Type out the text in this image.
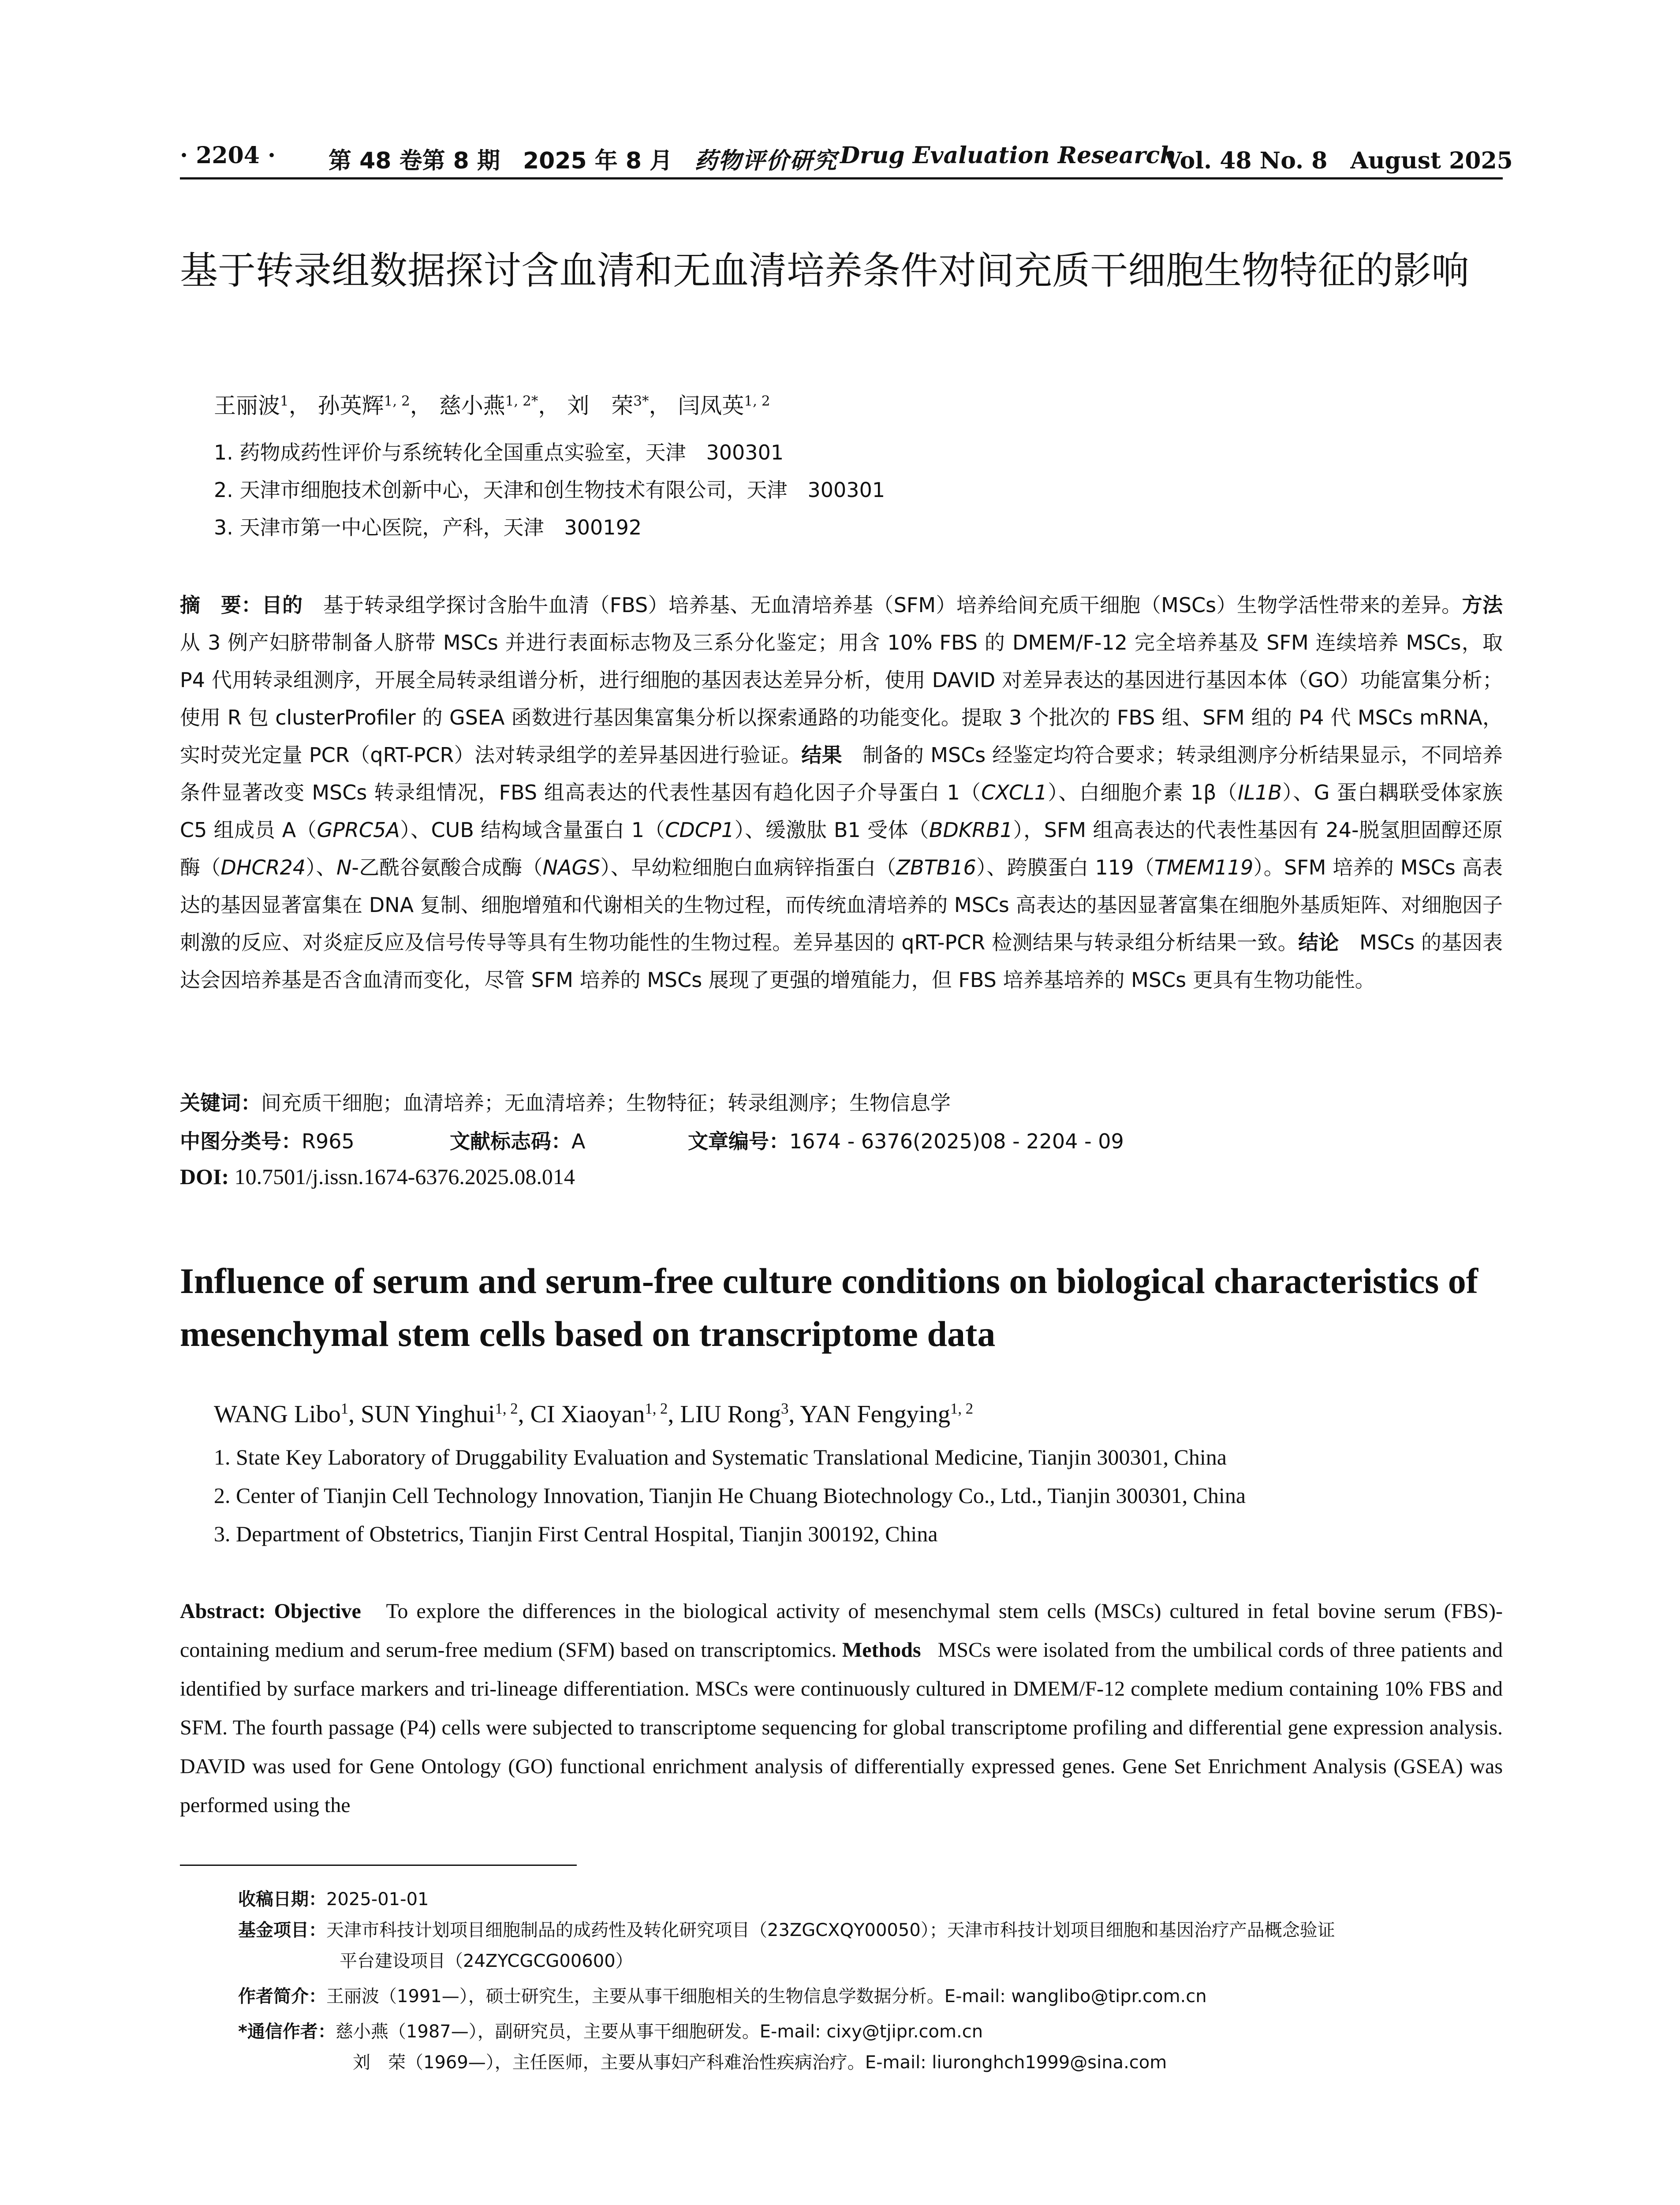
· 2204 · 第 48 卷第 8 期　2025 年 8 月 药物评价研究 Drug Evaluation Research
Vol. 48 No. 8　August 2025
基于转录组数据探讨含血清和无血清培养条件对间充质干细胞生物特征的影响
王丽波$^1$， 孙英辉$^{1, 2}$， 慈小燕$^{1, 2*}$， 刘　荣$^{3*}$， 闫凤英$^{1, 2}$
1. 药物成药性评价与系统转化全国重点实验室，天津　300301
2. 天津市细胞技术创新中心，天津和创生物技术有限公司，天津　300301
3. 天津市第一中心医院，产科，天津　300192
摘　要：目的　 基于转录组学探讨含胎牛血清（FBS）培养基、无血清培养基（SFM）培养给间充质干细胞（MSCs）生物学活性带来的差异。方法　从 3 例产妇脐带制备人脐带 MSCs 并进行表面标志物及三系分化鉴定；用含 10% FBS 的 DMEM/F-12 完全培养基及 SFM 连续培养 MSCs，取 P4 代用转录组测序，开展全局转录组谱分析，进行细胞的基因表达差异分析，使用 DAVID 对差异表达的基因进行基因本体（GO）功能富集分析；使用 R 包 clusterProfiler 的 GSEA 函数进行基因集富集分析以探索通路的功能变化。提取 3 个批次的 FBS 组、SFM 组的 P4 代 MSCs mRNA，实时荧光定量 PCR（qRT-PCR）法对转录组学的差异基因进行验证。结果　 制备的 MSCs 经鉴定均符合要求；转录组测序分析结果显示，不同培养条件显著改变 MSCs 转录组情况，FBS 组高表达的代表性基因有趋化因子介导蛋白 1（CXCL1）、白细胞介素 1β（IL1B）、G 蛋白耦联受体家族 C5 组成员 A（GPRC5A）、CUB 结构域含量蛋白 1（CDCP1）、缓激肽 B1 受体（BDKRB1），SFM 组高表达的代表性基因有 24-脱氢胆固醇还原酶（DHCR24）、N-乙酰谷氨酸合成酶（NAGS）、早幼粒细胞白血病锌指蛋白（ZBTB16）、跨膜蛋白 119（TMEM119）。SFM 培养的 MSCs 高表达的基因显著富集在 DNA 复制、细胞增殖和代谢相关的生物过程，而传统血清培养的 MSCs 高表达的基因显著富集在细胞外基质矩阵、对细胞因子刺激的反应、对炎症反应及信号传导等具有生物功能性的生物过程。差异基因的 qRT-PCR 检测结果与转录组分析结果一致。结论　 MSCs 的基因表达会因培养基是否含血清而变化，尽管 SFM 培养的 MSCs 展现了更强的增殖能力，但 FBS 培养基培养的 MSCs 更具有生物功能性。
关键词：间充质干细胞；血清培养；无血清培养；生物特征；转录组测序；生物信息学
中图分类号：R965	文献标志码：A	文章编号：1674 - 6376(2025)08 - 2204 - 09
DOI: 10.7501/j.issn.1674-6376.2025.08.014
Influence of serum and serum-free culture conditions on biological characteristics of mesenchymal stem cells based on transcriptome data
WANG Libo$^1$, SUN Yinghui$^{1, 2}$, CI Xiaoyan$^{1, 2}$, LIU Rong$^3$, YAN Fengying$^{1, 2}$
1. State Key Laboratory of Druggability Evaluation and Systematic Translational Medicine, Tianjin 300301, China
2. Center of Tianjin Cell Technology Innovation, Tianjin He Chuang Biotechnology Co., Ltd., Tianjin 300301, China
3. Department of Obstetrics, Tianjin First Central Hospital, Tianjin 300192, China
Abstract: Objective To explore the differences in the biological activity of mesenchymal stem cells (MSCs) cultured in fetal bovine serum (FBS)-containing medium and serum-free medium (SFM) based on transcriptomics. Methods MSCs were isolated from the umbilical cords of three patients and identified by surface markers and tri-lineage differentiation. MSCs were continuously cultured in DMEM/F-12 complete medium containing 10% FBS and SFM. The fourth passage (P4) cells were subjected to transcriptome sequencing for global transcriptome profiling and differential gene expression analysis. DAVID was used for Gene Ontology (GO) functional enrichment analysis of differentially expressed genes. Gene Set Enrichment Analysis (GSEA) was performed using the
收稿日期：2025-01-01
基金项目：天津市科技计划项目细胞制品的成药性及转化研究项目（23ZGCXQY00050）；天津市科技计划项目细胞和基因治疗产品概念验证
平台建设项目（24ZYCGCG00600）
作者简介：王丽波（1991—），硕士研究生，主要从事干细胞相关的生物信息学数据分析。E-mail: wanglibo@tipr.com.cn
*通信作者：慈小燕（1987—），副研究员，主要从事干细胞研发。E-mail: cixy@tjipr.com.cn
刘　荣（1969—），主任医师，主要从事妇产科难治性疾病治疗。E-mail: liuronghch1999@sina.com
